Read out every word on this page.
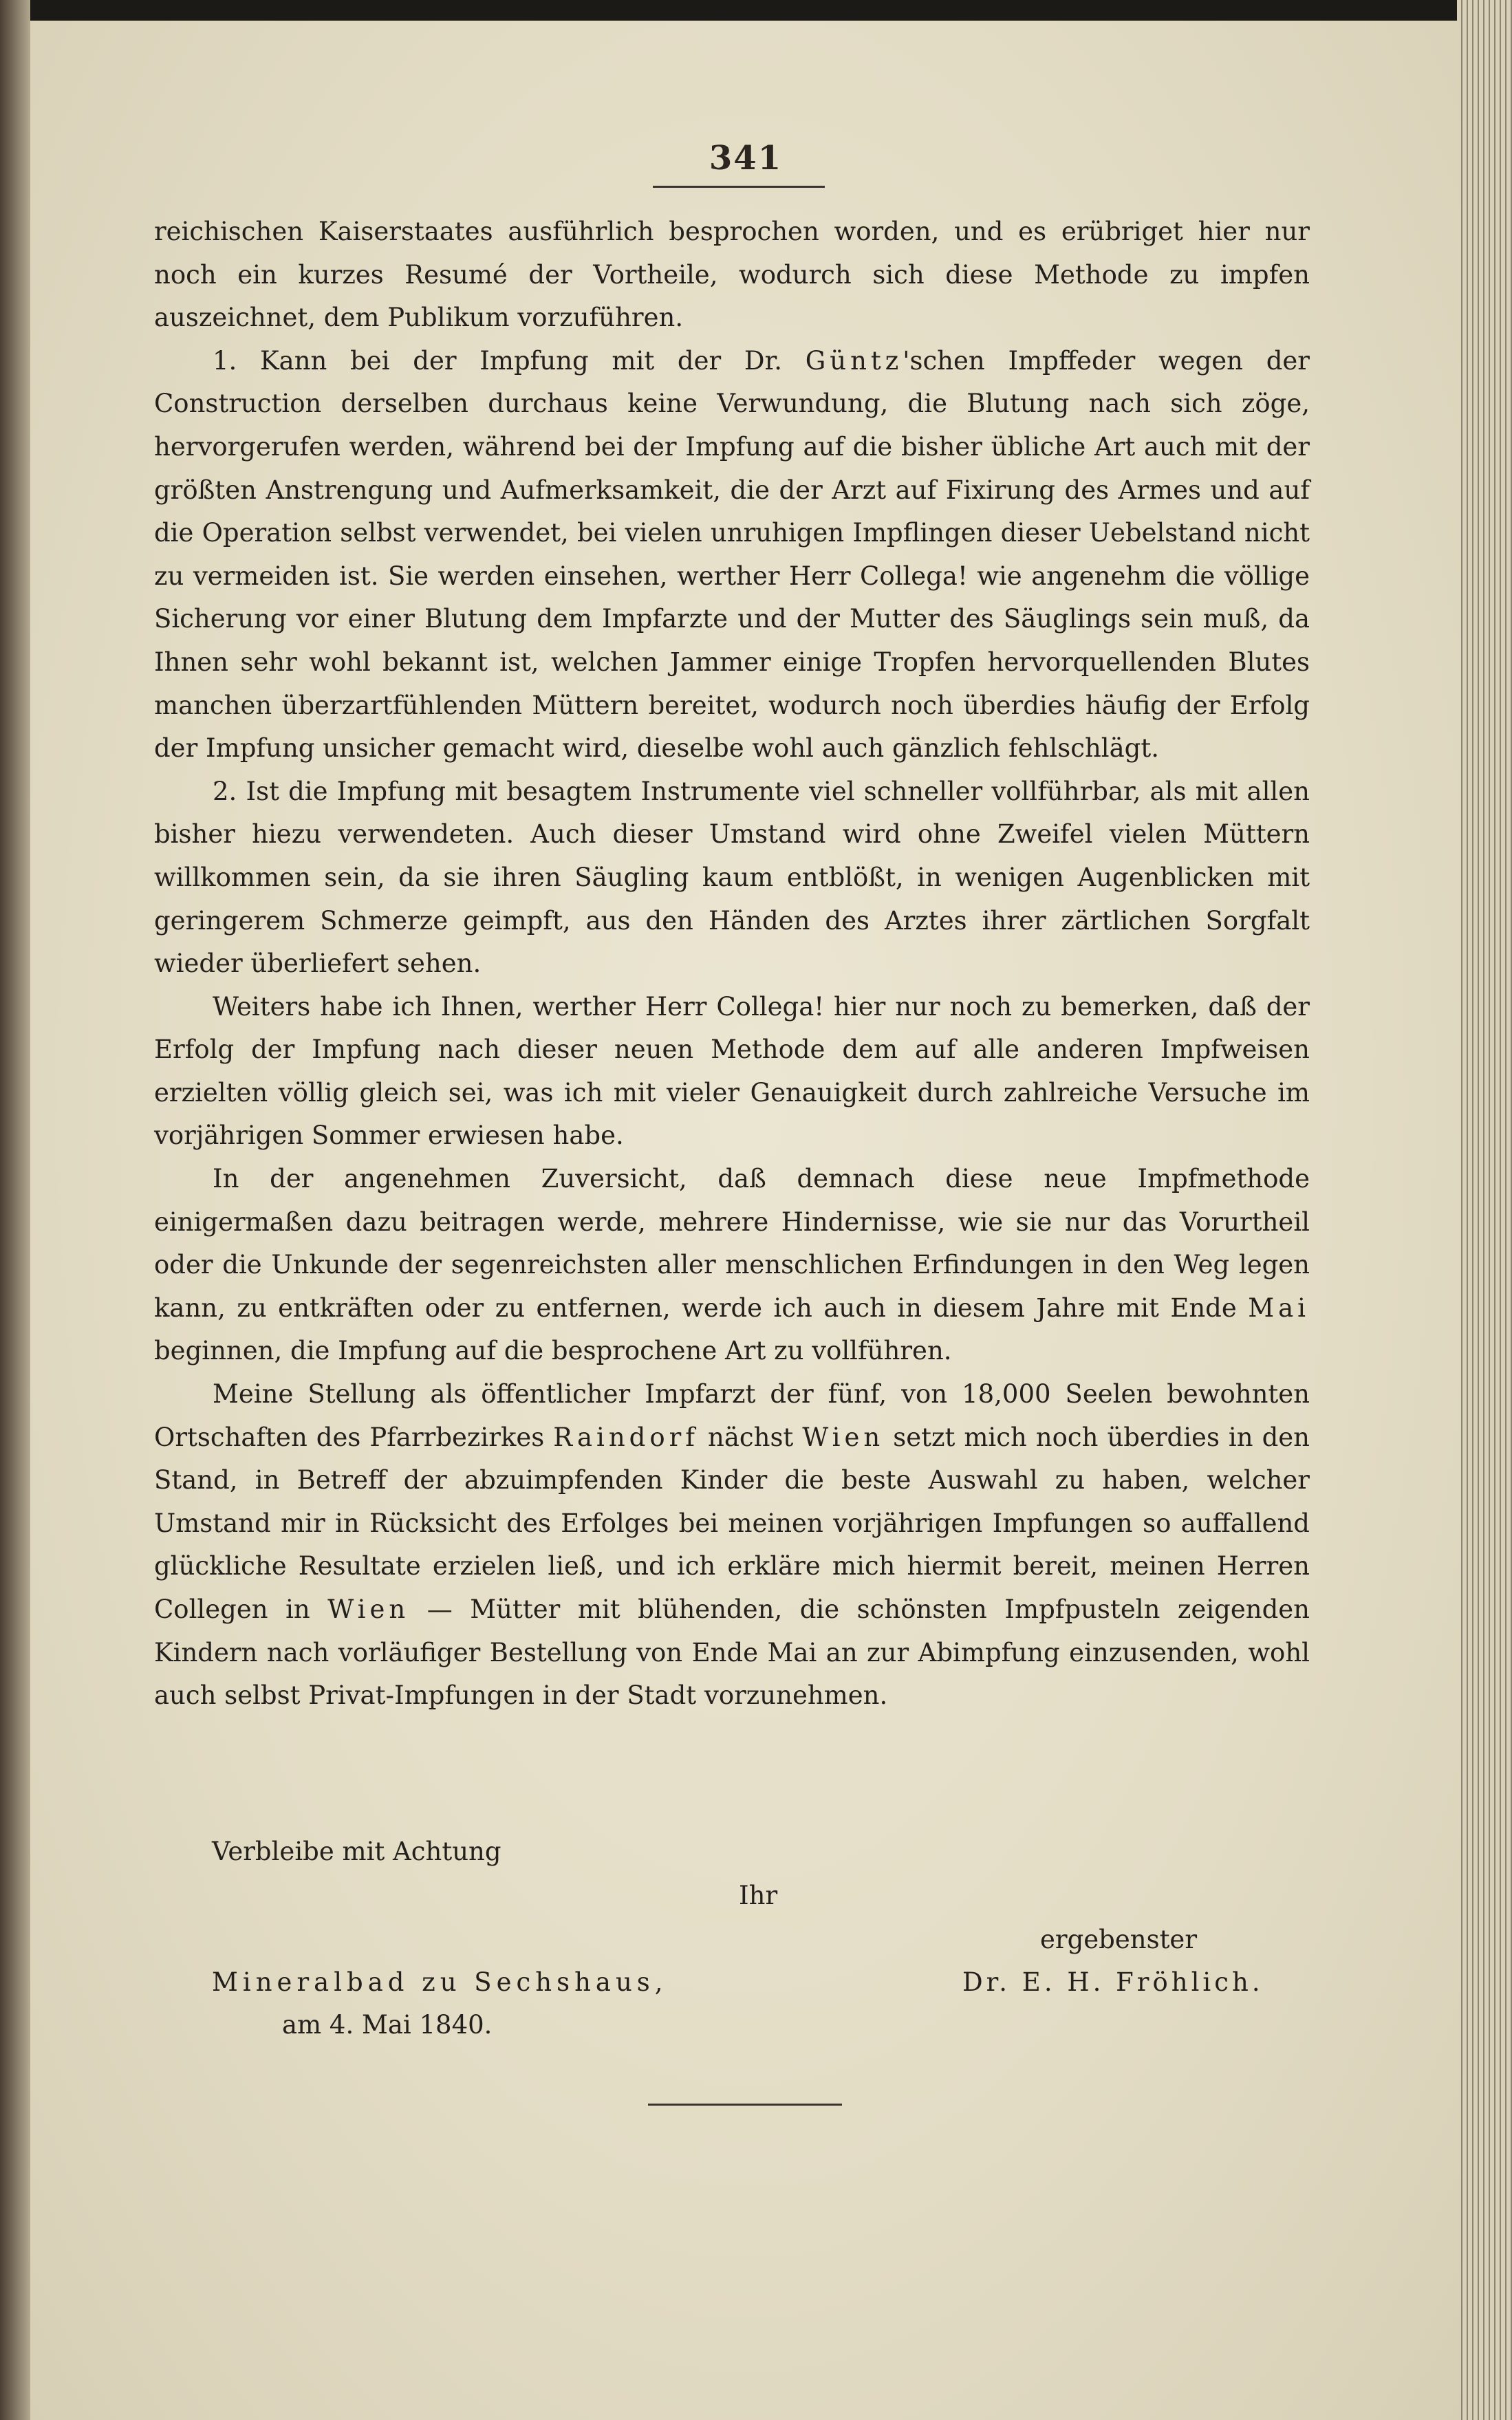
341

reichischen Kaiserstaates ausführlich besprochen worden, und es erübriget hier nur noch ein kurzes Resumé der Vortheile, wodurch sich diese Methode zu impfen auszeichnet, dem Publikum vorzuführen.

1. Kann bei der Impfung mit der Dr. Güntz'schen Impffeder wegen der Construction derselben durchaus keine Verwundung, die Blutung nach sich zöge, hervorgerufen werden, während bei der Impfung auf die bisher übliche Art auch mit der größten Anstrengung und Aufmerksamkeit, die der Arzt auf Fixirung des Armes und auf die Operation selbst verwendet, bei vielen unruhigen Impflingen dieser Uebelstand nicht zu vermeiden ist. Sie werden einsehen, werther Herr Collega! wie angenehm die völlige Sicherung vor einer Blutung dem Impfarzte und der Mutter des Säuglings sein muß, da Ihnen sehr wohl bekannt ist, welchen Jammer einige Tropfen hervorquellenden Blutes manchen überzartfühlenden Müttern bereitet, wodurch noch überdies häufig der Erfolg der Impfung unsicher gemacht wird, dieselbe wohl auch gänzlich fehlschlägt.

2. Ist die Impfung mit besagtem Instrumente viel schneller vollführbar, als mit allen bisher hiezu verwendeten. Auch dieser Umstand wird ohne Zweifel vielen Müttern willkommen sein, da sie ihren Säugling kaum entblößt, in wenigen Augenblicken mit geringerem Schmerze geimpft, aus den Händen des Arztes ihrer zärtlichen Sorgfalt wieder überliefert sehen.

Weiters habe ich Ihnen, werther Herr Collega! hier nur noch zu bemerken, daß der Erfolg der Impfung nach dieser neuen Methode dem auf alle anderen Impfweisen erzielten völlig gleich sei, was ich mit vieler Genauigkeit durch zahlreiche Versuche im vorjährigen Sommer erwiesen habe.

In der angenehmen Zuversicht, daß demnach diese neue Impfmethode einigermaßen dazu beitragen werde, mehrere Hindernisse, wie sie nur das Vorurtheil oder die Unkunde der segenreichsten aller menschlichen Erfindungen in den Weg legen kann, zu entkräften oder zu entfernen, werde ich auch in diesem Jahre mit Ende Mai beginnen, die Impfung auf die besprochene Art zu vollführen.

Meine Stellung als öffentlicher Impfarzt der fünf, von 18,000 Seelen bewohnten Ortschaften des Pfarrbezirkes Raindorf nächst Wien setzt mich noch überdies in den Stand, in Betreff der abzuimpfenden Kinder die beste Auswahl zu haben, welcher Umstand mir in Rücksicht des Erfolges bei meinen vorjährigen Impfungen so auffallend glückliche Resultate erzielen ließ, und ich erkläre mich hiermit bereit, meinen Herren Collegen in Wien — Mütter mit blühenden, die schönsten Impfpusteln zeigenden Kindern nach vorläufiger Bestellung von Ende Mai an zur Abimpfung einzusenden, wohl auch selbst Privat-Impfungen in der Stadt vorzunehmen.

Verbleibe mit Achtung
Ihr
ergebenster
Mineralbad zu Sechshaus,	Dr. E. H. Fröhlich.
am 4. Mai 1840.
